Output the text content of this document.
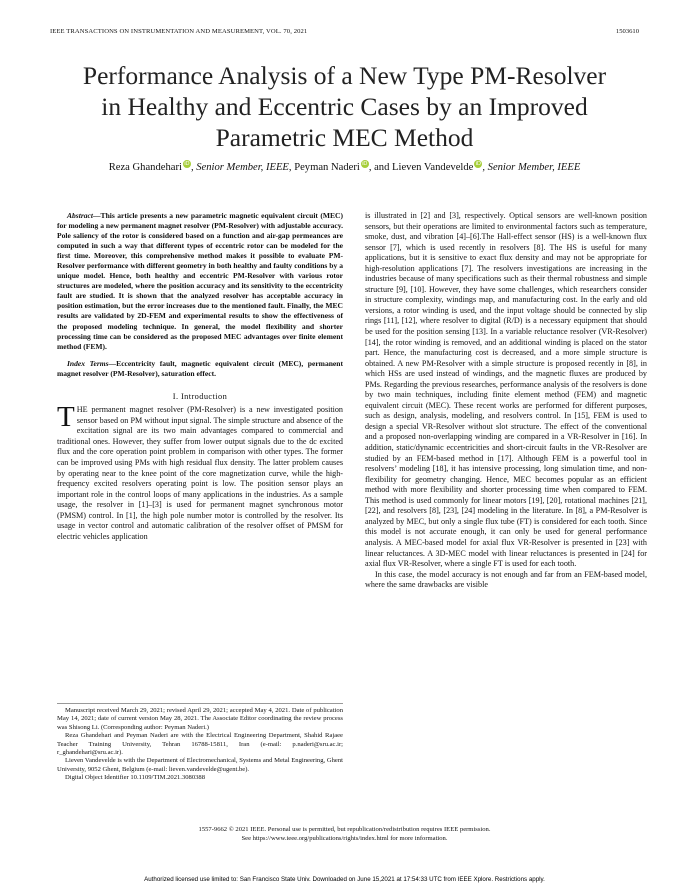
IEEE TRANSACTIONS ON INSTRUMENTATION AND MEASUREMENT, VOL. 70, 2021	1503610
Performance Analysis of a New Type PM-Resolver
in Healthy and Eccentric Cases by an Improved
Parametric MEC Method
Reza Ghandehari iD, Senior Member, IEEE, Peyman Naderi iD, and Lieven Vandevelde iD, Senior Member, IEEE

Abstract—This article presents a new parametric magnetic equivalent circuit (MEC) for modeling a new permanent magnet resolver (PM-Resolver) with adjustable accuracy. Pole saliency of the rotor is considered based on a function and air-gap permeances are computed in such a way that different types of eccentric rotor can be modeled for the first time. Moreover, this comprehensive method makes it possible to evaluate PM-Resolver performance with different geometry in both healthy and faulty conditions by a unique model. Hence, both healthy and eccentric PM-Resolver with various rotor structures are modeled, where the position accuracy and its sensitivity to the eccentricity fault are studied. It is shown that the analyzed resolver has acceptable accuracy in position estimation, but the error increases due to the mentioned fault. Finally, the MEC results are validated by 2D-FEM and experimental results to show the effectiveness of the proposed modeling technique. In general, the model flexibility and shorter processing time can be considered as the proposed MEC advantages over finite element method (FEM).

Index Terms—Eccentricity fault, magnetic equivalent circuit (MEC), permanent magnet resolver (PM-Resolver), saturation effect.

I. Introduction

THE permanent magnet resolver (PM-Resolver) is a new investigated position sensor based on PM without input signal. The simple structure and absence of the excitation signal are its two main advantages compared to commercial and traditional ones. However, they suffer from lower output signals due to the dc excited flux and the core operation point problem in comparison with other types. The former can be improved using PMs with high residual flux density. The latter problem causes by operating near to the knee point of the core magnetization curve, while the high-frequency excited resolvers operating point is low. The position sensor plays an important role in the control loops of many applications in the industries. As a sample usage, the resolver in [1]–[3] is used for permanent magnet synchronous motor (PMSM) control. In [1], the high pole number motor is controlled by the resolver. Its usage in vector control and automatic calibration of the resolver offset of PMSM for electric vehicles application

Manuscript received March 29, 2021; revised April 29, 2021; accepted May 4, 2021. Date of publication May 14, 2021; date of current version May 28, 2021. The Associate Editor coordinating the review process was Shisong Li. (Corresponding author: Peyman Naderi.)

Reza Ghandehari and Peyman Naderi are with the Electrical Engineering Department, Shahid Rajaee Teacher Training University, Tehran 16788-15811, Iran (e-mail: p.naderi@sru.ac.ir; r_ghandehari@sru.ac.ir).

Lieven Vandevelde is with the Department of Electromechanical, Systems and Metal Engineering, Ghent University, 9052 Ghent, Belgium (e-mail: lieven.vandevelde@ugent.be).

Digital Object Identifier 10.1109/TIM.2021.3080388

is illustrated in [2] and [3], respectively. Optical sensors are well-known position sensors, but their operations are limited to environmental factors such as temperature, smoke, dust, and vibration [4]–[6].The Hall-effect sensor (HS) is a well-known flux sensor [7], which is used recently in resolvers [8]. The HS is useful for many applications, but it is sensitive to exact flux density and may not be appropriate for high-resolution applications [7]. The resolvers investigations are increasing in the industries because of many specifications such as their thermal robustness and simple structure [9], [10]. However, they have some challenges, which researchers consider in structure complexity, windings map, and manufacturing cost. In the early and old versions, a rotor winding is used, and the input voltage should be connected by slip rings [11], [12], where resolver to digital (R/D) is a necessary equipment that should be used for the position sensing [13]. In a variable reluctance resolver (VR-Resolver) [14], the rotor winding is removed, and an additional winding is placed on the stator part. Hence, the manufacturing cost is decreased, and a more simple structure is obtained. A new PM-Resolver with a simple structure is proposed recently in [8], in which HSs are used instead of windings, and the magnetic fluxes are produced by PMs. Regarding the previous researches, performance analysis of the resolvers is done by two main techniques, including finite element method (FEM) and magnetic equivalent circuit (MEC). These recent works are performed for different purposes, such as design, analysis, modeling, and resolvers control. In [15], FEM is used to design a special VR-Resolver without slot structure. The effect of the conventional and a proposed non-overlapping winding are compared in a VR-Resolver in [16]. In addition, static/dynamic eccentricities and short-circuit faults in the VR-Resolver are studied by an FEM-based method in [17]. Although FEM is a powerful tool in resolvers’ modeling [18], it has intensive processing, long simulation time, and non-flexibility for geometry changing. Hence, MEC becomes popular as an efficient method with more flexibility and shorter processing time when compared to FEM. This method is used commonly for linear motors [19], [20], rotational machines [21], [22], and resolvers [8], [23], [24] modeling in the literature. In [8], a PM-Resolver is analyzed by MEC, but only a single flux tube (FT) is considered for each tooth. Since this model is not accurate enough, it can only be used for general performance analysis. A MEC-based model for axial flux VR-Resolver is presented in [23] with linear reluctances. A 3D-MEC model with linear reluctances is presented in [24] for axial flux VR-Resolver, where a single FT is used for each tooth.

In this case, the model accuracy is not enough and far from an FEM-based model, where the same drawbacks are visible

1557-9662 © 2021 IEEE. Personal use is permitted, but republication/redistribution requires IEEE permission.
See https://www.ieee.org/publications/rights/index.html for more information.
Authorized licensed use limited to: San Francisco State Univ. Downloaded on June 15,2021 at 17:54:33 UTC from IEEE Xplore. Restrictions apply.
